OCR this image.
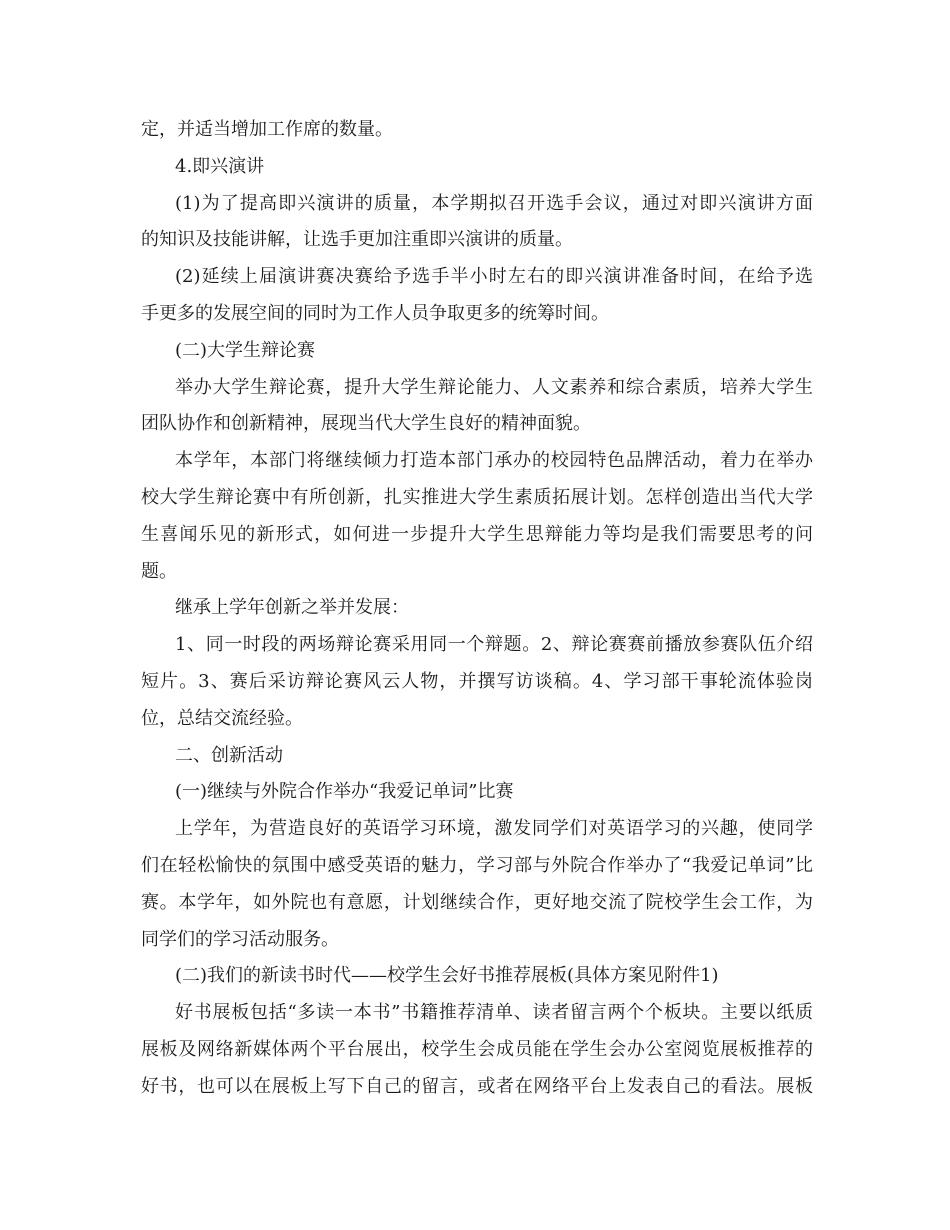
定，并适当增加工作席的数量。
4.即兴演讲
(1)为了提高即兴演讲的质量，本学期拟召开选手会议，通过对即兴演讲方面
的知识及技能讲解，让选手更加注重即兴演讲的质量。
(2)延续上届演讲赛决赛给予选手半小时左右的即兴演讲准备时间，在给予选
手更多的发展空间的同时为工作人员争取更多的统筹时间。
(二)大学生辩论赛
举办大学生辩论赛，提升大学生辩论能力、人文素养和综合素质，培养大学生
团队协作和创新精神，展现当代大学生良好的精神面貌。
本学年，本部门将继续倾力打造本部门承办的校园特色品牌活动，着力在举办
校大学生辩论赛中有所创新，扎实推进大学生素质拓展计划。怎样创造出当代大学
生喜闻乐见的新形式，如何进一步提升大学生思辩能力等均是我们需要思考的问
题。
继承上学年创新之举并发展：
1、同一时段的两场辩论赛采用同一个辩题。2、辩论赛赛前播放参赛队伍介绍
短片。3、赛后采访辩论赛风云人物，并撰写访谈稿。4、学习部干事轮流体验岗
位，总结交流经验。
二、创新活动
(一)继续与外院合作举办“我爱记单词”比赛
上学年，为营造良好的英语学习环境，激发同学们对英语学习的兴趣，使同学
们在轻松愉快的氛围中感受英语的魅力，学习部与外院合作举办了“我爱记单词”比
赛。本学年，如外院也有意愿，计划继续合作，更好地交流了院校学生会工作，为
同学们的学习活动服务。
(二)我们的新读书时代——校学生会好书推荐展板(具体方案见附件1)
好书展板包括“多读一本书”书籍推荐清单、读者留言两个个板块。主要以纸质
展板及网络新媒体两个平台展出，校学生会成员能在学生会办公室阅览展板推荐的
好书，也可以在展板上写下自己的留言，或者在网络平台上发表自己的看法。展板
